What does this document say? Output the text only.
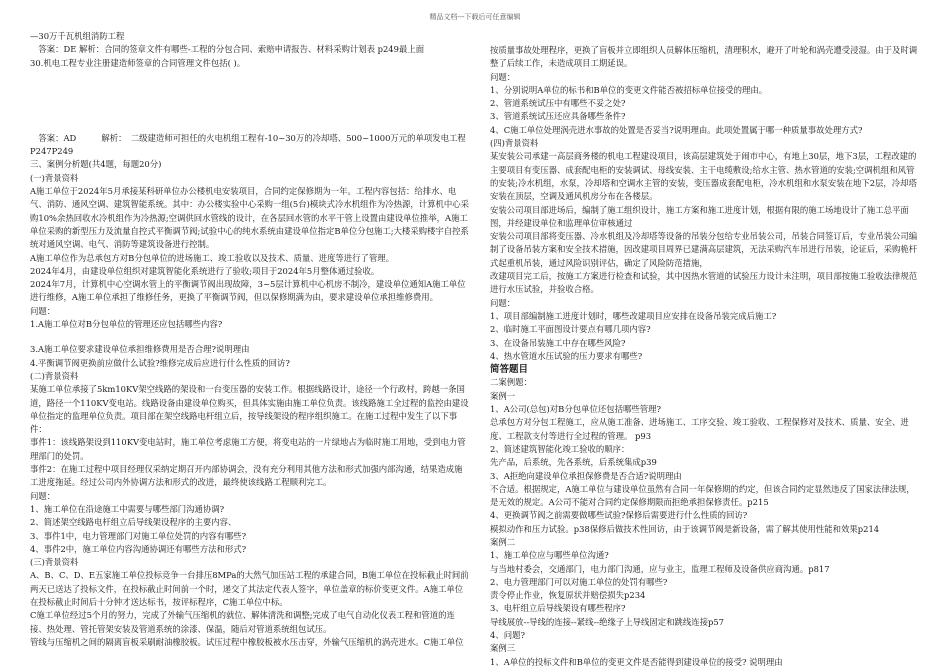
精品文档---下载后可任意编辑

—30万千瓦机组消防工程

　答案：DE 解析：合同的签章文件有哪些-工程的分包合同、索赔申请报告、材料采购计划表 p249最上面

30.机电工程专业注册建造师签章的合同管理文件包括( )。

　答案：AD　　　解析：　二级建造师可担任的火电机组工程有-10~30万的冷却塔、500~1000万元的单项发电工程P247P249

三、案例分析题(共4题，每题20分)

(一)背景资料

A施工单位于2024年5月承接某科研单位办公楼机电安装项目，合同约定保修期为一年。工程内容包括：给排水、电气、消防、通风空调、建筑智能系统。其中：办公楼实验中心采购一组(5台)模块式冷水机组作为冷热源，计算机中心采购10%余热回收水冷机组作为冷热源;空调供回水管线的设计，在各层回水管的水平干管上设置由建设单位推举，A施工单位采购的新型压力及流量自控式平衡调节阀;试验中心的纯水系统由建设单位指定B单位分包施工;大楼采购楼宇自控系统对通风空调、电气、消防等建筑设备进行控制。

A施工单位作为总承包方对B分包单位的进场施工、竣工验收以及技术、质量、进度等进行了管理。

2024年4月，由建设单位组织对建筑智能化系统进行了验收;项目于2024年5月整体通过验收。

2024年7月，计算机中心空调水管上的平衡调节阀出现故障，3~5层计算机中心机房不制冷，建设单位通知A施工单位进行维修，A施工单位承担了维修任务，更换了平衡调节阀，但以保修期满为由，要求建设单位承担维修费用。

问题：

1.A施工单位对B分包单位的管理还应包括哪些内容?

3.A施工单位要求建设单位承担维修费用是否合理?说明理由

4.平衡调节阀更换前应做什么试验?维修完成后应进行什么性质的回访?

(二)背景资料

某施工单位承接了5km10KV架空线路的架设和一台变压器的安装工作。根据线路设计，途径一个行政村，跨越一条国道，路径一个110KV变电站。线路设备由建设单位购买，但具体实施由施工单位负责。该线路施工全过程的监控由建设单位指定的监理单位负责。项目部在架空线路电杆组立后，按导线架设的程序组织施工。在施工过程中发生了以下事件：

事件1：该线路架设到110KV变电站时，施工单位考虑施工方便，将变电站的一片绿地占为临时施工用地，受到电力管理部门的处罚。

事件2：在施工过程中项目经理仅采纳定期召开内部协调会，没有充分利用其他方法和形式加强内部沟通，结果造成施工进度拖延。经过公司内外协调方法和形式的改进，最终使该线路工程顺利完工。

问题：

1、施工单位在沿途施工中需要与哪些部门沟通协调?

2、简述架空线路电杆组立后导线架设程序的主要内容、

3、事件1中，电力管理部门对施工单位处罚的内容有哪些?

4、事件2中，施工单位内容沟通协调还有哪些方法和形式?

(三)背景资料

A、B、C、D、E五家施工单位投标竞争一台排压8MPa的大然气加压站工程的承建合同，B施工单位在投标截止时间前两天已送达了投标文件，在投标截止时间前一个时，递交了其法定代表人签字，单位盖章的标价变更文件。A施工单位在投标截止时间后十分钟才送达标书，按评标程序，C施工单位中标。

C施工单位经过5个月的努力，完成了外输气压缩机的就位、解体清洗和调整;完成了电气自动化仪表工程和管道的连接、热处理、管托管架安装及管道系统的涂漆、保温，随后对管道系统组包试压。

管线与压缩机之间的隔离盲板采刷耐油橡胶板。试压过程中橡胶板被水压击穿，外输气压缩机的涡壳进水。C施工单位

按质量事故处理程序，更换了盲板并立即组织人员解体压缩机，清理积水，避开了叶轮和涡壳遭受浸湿。由于及时调整了后续工作，未造成项目工期延误。

问题：

1、分别说明A单位的标书和B单位的变更文件能否被招标单位接受的理由。

2、管道系统试压中有哪些不妥之处?

3、管道系统试压还应具备哪些条件?

4、C施工单位处理涡壳进水事故的处置是否妥当?说明理由。此项处置属于哪一种质量事故处理方式?

(四)背景资料

某安装公司承建一高层商务楼的机电工程建设项目，该高层建筑处于闹市中心，有地上30层，地下3层，工程改建的主要项目有变压器、成套配电柜的安装调试、母线安装、主干电缆敷设;给水主管、热水管道的安装;空调机组和风管的安装;冷水机组，水泵，冷却塔和空调水主管的安装，变压器成套配电柜，冷水机组和水泵安装在地下2层，冷却塔安装在顶层，空调及通风机房分布在各楼层。

安装公司项目部进场后，编制了施工组织设计，施工方案和施工进度计划，根据有限的施工场地设计了施工总平面图，并经建设单位和监理单位审核通过

安装公司项目部将变压器、冷水机组及冷却塔等设备的吊装分包给专业吊装公司，吊装合同签订后，专业吊装公司编制了设备吊装方案和安全技术措施，因改建项目周界已建满高层建筑，无法采购汽车吊进行吊装，论证后，采购桅杆式起重机吊装，通过风险识别评估，确定了风险防范措施，

改建项目完工后，按施工方案进行检查和试验，其中因热水管道的试验压力设计未注明，项目部按施工验收法律规范进行水压试验，并验收合格。

问题：

1、项目部编制施工进度计划时，哪些改建项目应安排在设备吊装完成后施工?

2、临时施工平面图设计要点有哪几项内容?

3、在设备吊装施工中存在哪些风险?

4、热水管道水压试验的压力要求有哪些?

简答题目

二案例题：

案例一

1、A公司(总包)对B分包单位还包括哪些管理?

总承包方对分包工程施工，应从施工准备、进场施工、工序交验、竣工验收、工程保修对及技术、质量、安全、进度、工程款支付等进行全过程的管理。 p93

2、简述建筑智能化竣工验收的顺序：

先产品，后系统，先各系统，后系统集成p39

3、A拒绝向建设单位承担保修费是否合适?说明理由

不合适。根据规定，A施工单位与建设单位虽然有合同一年保修期的约定，但该合同约定显然违反了国家法律法规，是无效的规定。A公司不能对合同约定保修期限而拒绝承担保修责任。p215

4、更换调节阀之前需要做哪些试验?保修后需要进行什么性质的回访?

模拟动作和压力试验。p38保修后做技术性回访，由于该调节阀是新设备，需了解其使用性能和效果p214

案例二

1、施工单位应与哪些单位沟通?

与当地村委会，交通部门，电力部门沟通，应与业主，监理工程师及设备供应商沟通。p817

2、电力管理部门可以对施工单位的处罚有哪些?

责令停止作业，恢复原状并赔偿损失p234

3、电杆组立后导线架设有哪些程序?

导线展放--导线的连接--紧线--绝缘子上导线固定和跳线连接p57

4、问题?

案例三

1、A单位的投标文件和B单位的变更文件是否能得到建设单位的接受? 说明理由
